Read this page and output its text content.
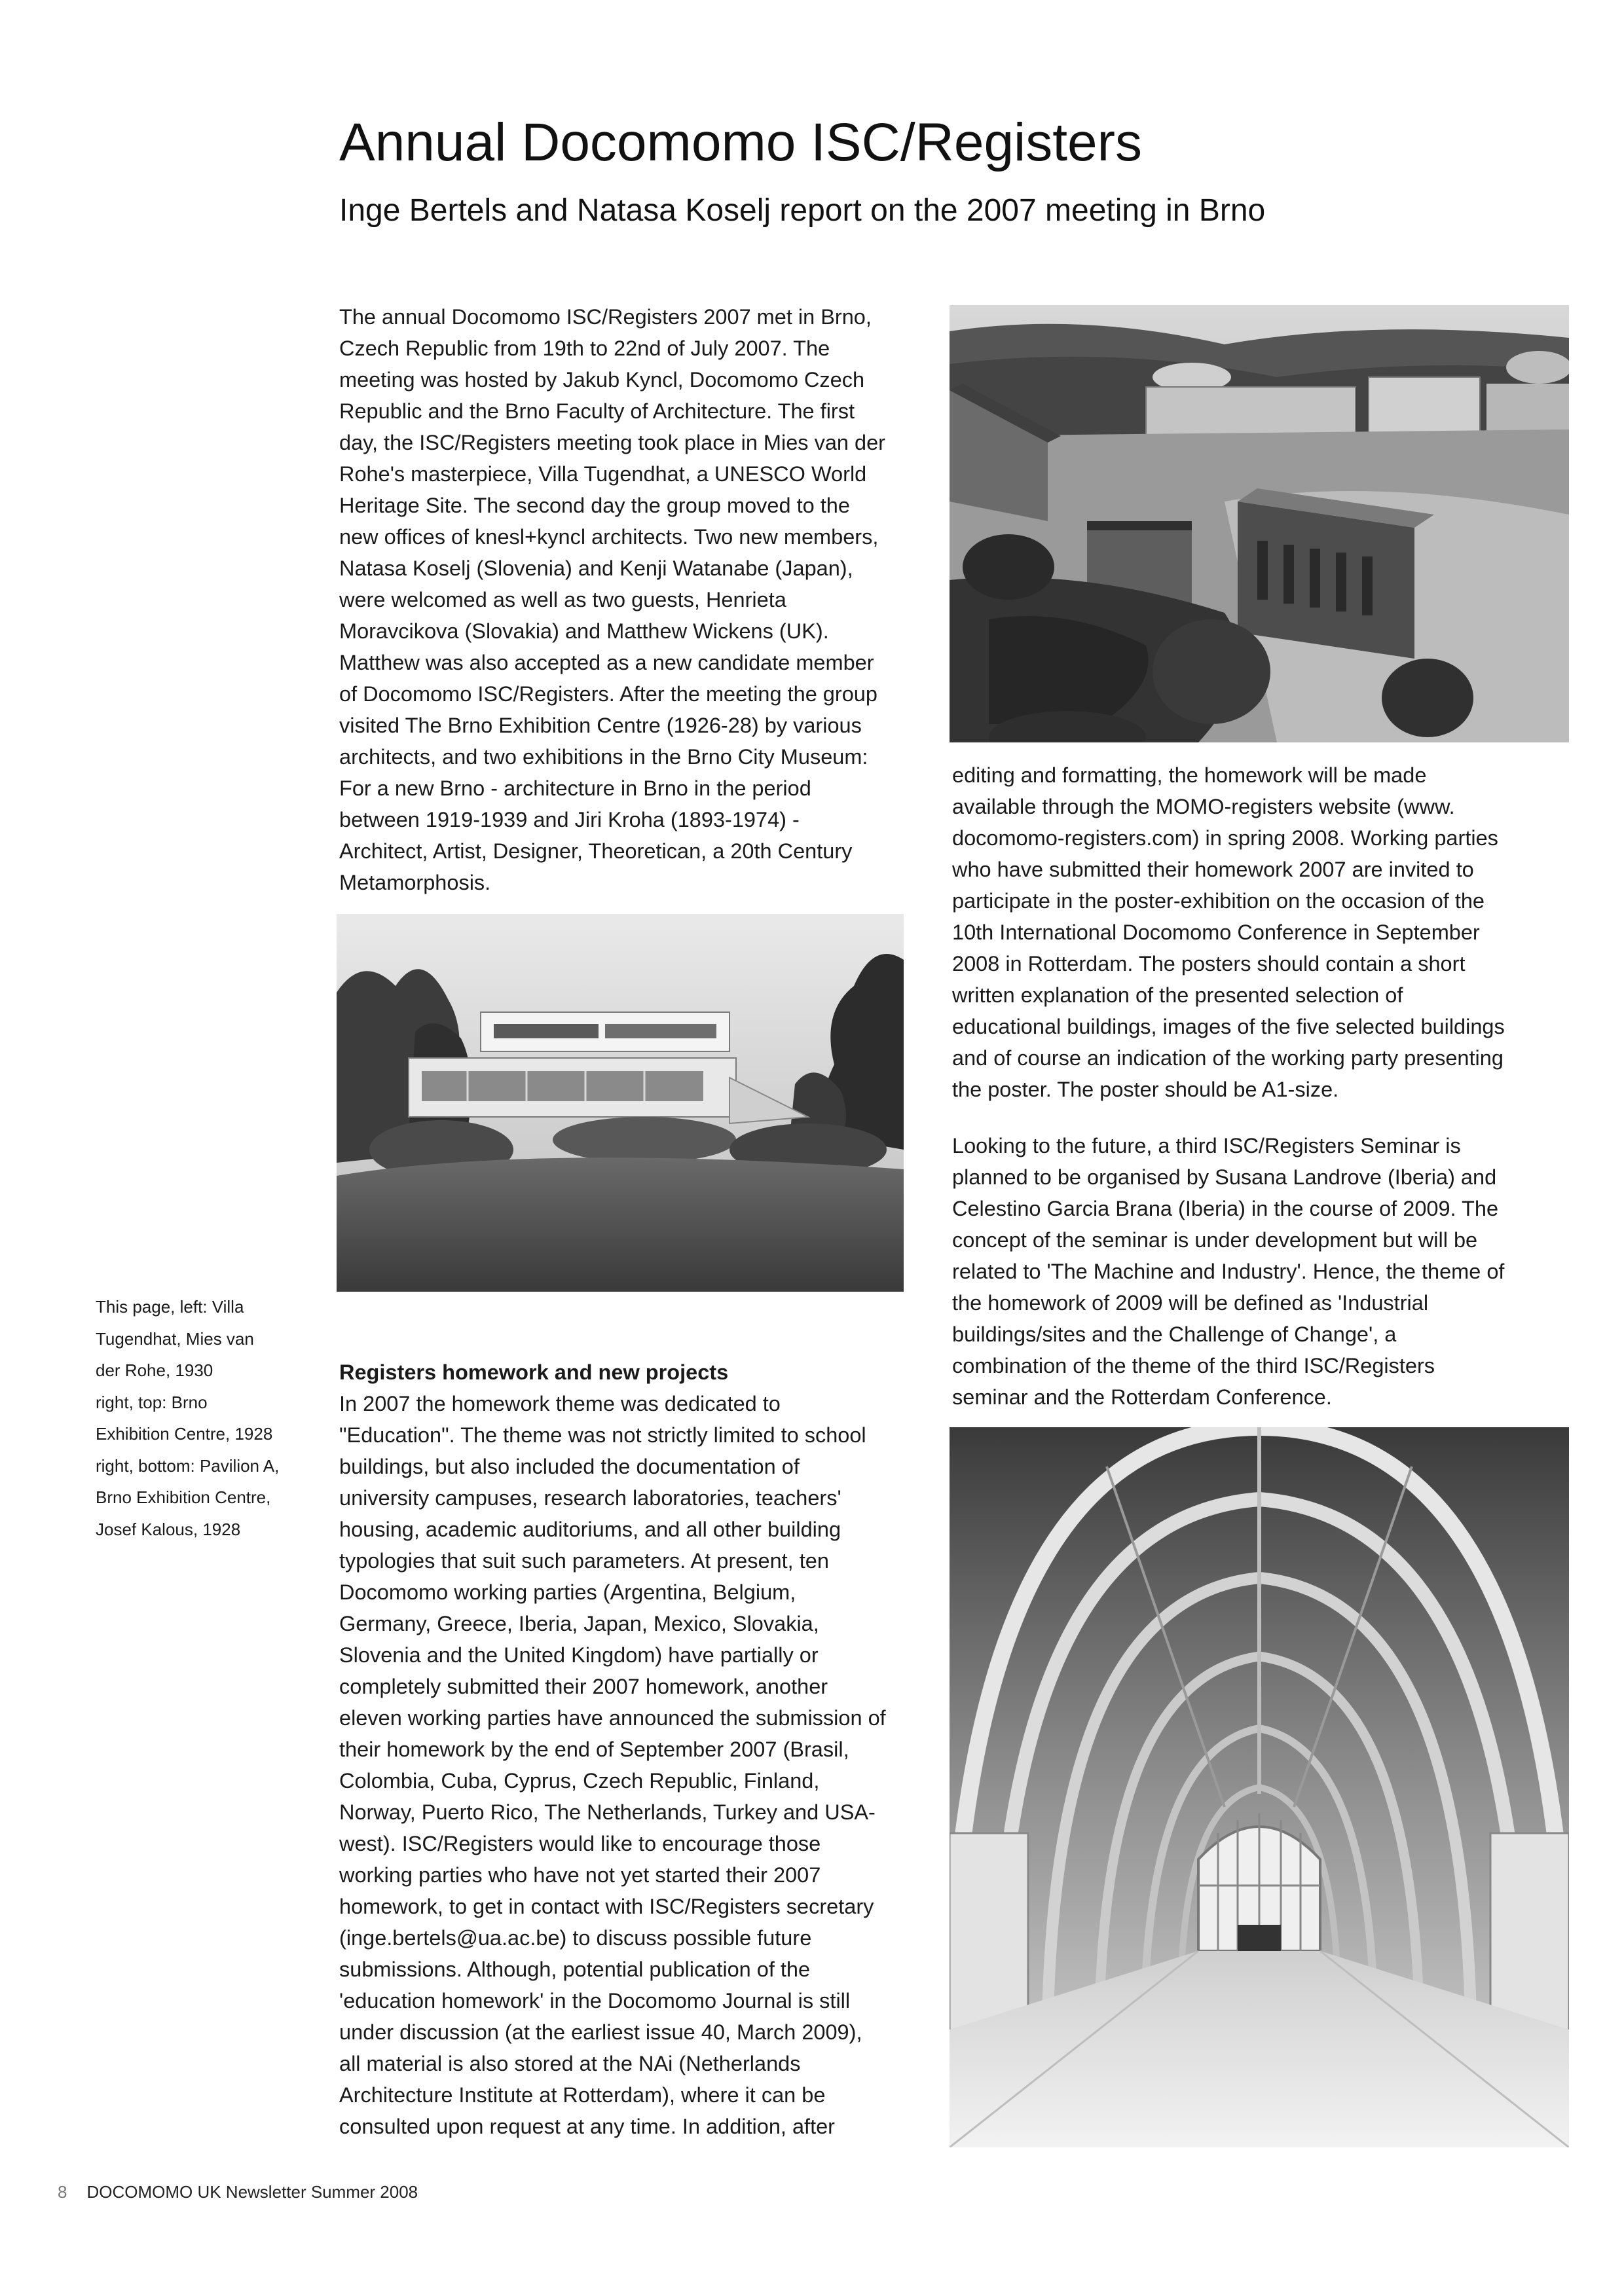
Annual Docomomo ISC/Registers
Inge Bertels and Natasa Koselj report on the 2007 meeting in Brno
The annual Docomomo ISC/Registers 2007 met in Brno,
Czech Republic from 19th to 22nd of July 2007. The
meeting was hosted by Jakub Kyncl, Docomomo Czech
Republic and the Brno Faculty of Architecture. The first
day, the ISC/Registers meeting took place in Mies van der
Rohe's masterpiece, Villa Tugendhat, a UNESCO World
Heritage Site. The second day the group moved to the
new offices of knesl+kyncl architects. Two new members,
Natasa Koselj (Slovenia) and Kenji Watanabe (Japan),
were welcomed as well as two guests, Henrieta
Moravcikova (Slovakia) and Matthew Wickens (UK).
Matthew was also accepted as a new candidate member
of Docomomo ISC/Registers. After the meeting the group
visited The Brno Exhibition Centre (1926-28) by various
architects, and two exhibitions in the Brno City Museum:
For a new Brno - architecture in Brno in the period
between 1919-1939 and Jiri Kroha (1893-1974) -
Architect, Artist, Designer, Theoretican, a 20th Century
Metamorphosis.
This page, left: Villa
Tugendhat, Mies van
der Rohe, 1930
right, top: Brno
Exhibition Centre, 1928
right, bottom: Pavilion A,
Brno Exhibition Centre,
Josef Kalous, 1928
Registers homework and new projects
In 2007 the homework theme was dedicated to
"Education". The theme was not strictly limited to school
buildings, but also included the documentation of
university campuses, research laboratories, teachers'
housing, academic auditoriums, and all other building
typologies that suit such parameters. At present, ten
Docomomo working parties (Argentina, Belgium,
Germany, Greece, Iberia, Japan, Mexico, Slovakia,
Slovenia and the United Kingdom) have partially or
completely submitted their 2007 homework, another
eleven working parties have announced the submission of
their homework by the end of September 2007 (Brasil,
Colombia, Cuba, Cyprus, Czech Republic, Finland,
Norway, Puerto Rico, The Netherlands, Turkey and USA-
west). ISC/Registers would like to encourage those
working parties who have not yet started their 2007
homework, to get in contact with ISC/Registers secretary
(inge.bertels@ua.ac.be) to discuss possible future
submissions. Although, potential publication of the
'education homework' in the Docomomo Journal is still
under discussion (at the earliest issue 40, March 2009),
all material is also stored at the NAi (Netherlands
Architecture Institute at Rotterdam), where it can be
consulted upon request at any time. In addition, after
editing and formatting, the homework will be made
available through the MOMO-registers website (www.
docomomo-registers.com) in spring 2008. Working parties
who have submitted their homework 2007 are invited to
participate in the poster-exhibition on the occasion of the
10th International Docomomo Conference in September
2008 in Rotterdam. The posters should contain a short
written explanation of the presented selection of
educational buildings, images of the five selected buildings
and of course an indication of the working party presenting
the poster. The poster should be A1-size.
Looking to the future, a third ISC/Registers Seminar is
planned to be organised by Susana Landrove (Iberia) and
Celestino Garcia Brana (Iberia) in the course of 2009. The
concept of the seminar is under development but will be
related to 'The Machine and Industry'. Hence, the theme of
the homework of 2009 will be defined as 'Industrial
buildings/sites and the Challenge of Change', a
combination of the theme of the third ISC/Registers
seminar and the Rotterdam Conference.
8 DOCOMOMO UK Newsletter Summer 2008
